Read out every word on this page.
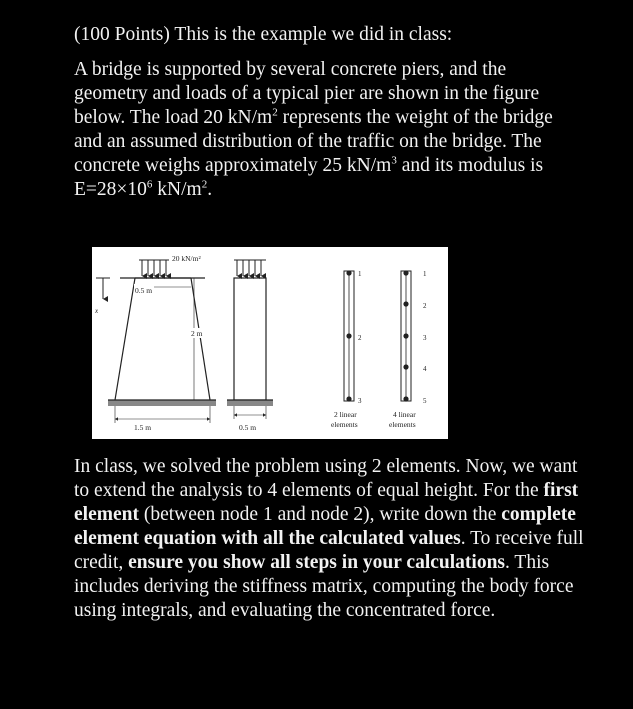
(100 Points) This is the example we did in class:
A bridge is supported by several concrete piers, and the geometry and loads of a typical pier are shown in the figure below. The load 20 $kN/m^2$ represents the weight of the bridge and an assumed distribution of the traffic on the bridge. The concrete weighs approximately 25 $kN/m^3$ and its modulus is $E=28\times 10^6$ $kN/m^2$.
x
20 kN/m²
0.5 m
2 m
1.5 m	0.5 m
1
2
3
2 linear
elements
1
2
3
4
5
4 linear
elements
In class, we solved the problem using 2 elements. Now, we want to extend the analysis to 4 elements of equal height. For the first element (between node 1 and node 2), write down the complete element equation with all the calculated values. To receive full credit, ensure you show all steps in your calculations. This includes deriving the stiffness matrix, computing the body force using integrals, and evaluating the concentrated force.
